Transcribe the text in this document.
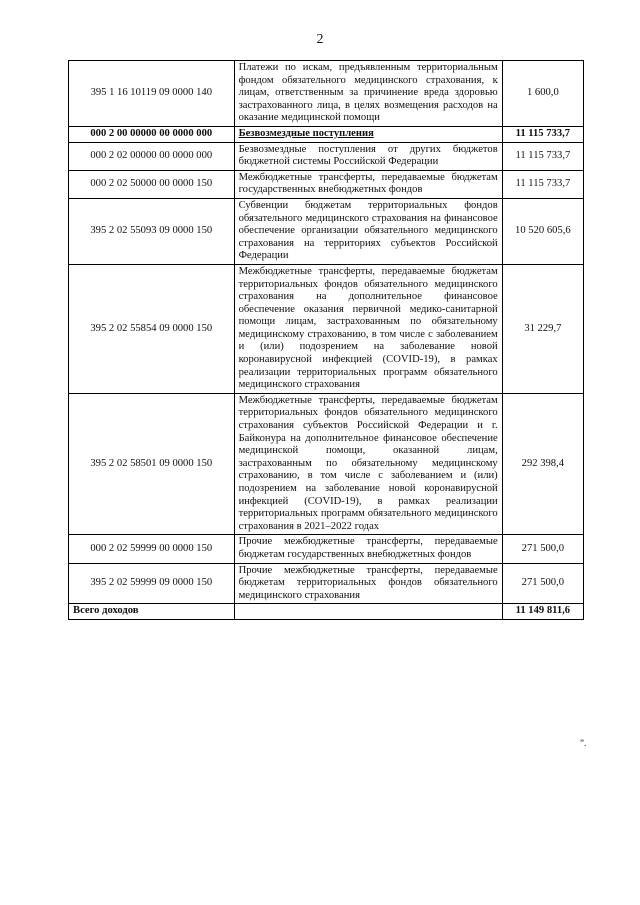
2
395 1 16 10119 09 0000 140	Платежи по искам, предъявленным территориальным фондом обязательного медицинского страхования, к лицам, ответственным за причинение вреда здоровью застрахованного лица, в целях возмещения расходов на оказание медицинской помощи	1 600,0
000 2 00 00000 00 0000 000	Безвозмездные поступления	11 115 733,7
000 2 02 00000 00 0000 000	Безвозмездные поступления от других бюджетов бюджетной системы Российской Федерации	11 115 733,7
000 2 02 50000 00 0000 150	Межбюджетные трансферты, передаваемые бюджетам государственных внебюджетных фондов	11 115 733,7
395 2 02 55093 09 0000 150	Субвенции бюджетам территориальных фондов обязательного медицинского страхования на финансовое обеспечение организации обязательного медицинского страхования на территориях субъектов Российской Федерации	10 520 605,6
395 2 02 55854 09 0000 150	Межбюджетные трансферты, передаваемые бюджетам территориальных фондов обязательного медицинского страхования на дополнительное финансовое обеспечение оказания первичной медико-санитарной помощи лицам, застрахованным по обязательному медицинскому страхованию, в том числе с заболеванием и (или) подозрением на заболевание новой коронавирусной инфекцией (COVID-19), в рамках реализации территориальных программ обязательного медицинского страхования	31 229,7
395 2 02 58501 09 0000 150	Межбюджетные трансферты, передаваемые бюджетам территориальных фондов обязательного медицинского страхования субъектов Российской Федерации и г. Байконура на дополнительное финансовое обеспечение медицинской помощи, оказанной лицам, застрахованным по обязательному медицинскому страхованию, в том числе с заболеванием и (или) подозрением на заболевание новой коронавирусной инфекцией (COVID-19), в рамках реализации территориальных программ обязательного медицинского страхования в 2021–2022 годах	292 398,4
000 2 02 59999 00 0000 150	Прочие межбюджетные трансферты, передаваемые бюджетам государственных внебюджетных фондов	271 500,0
395 2 02 59999 09 0000 150	Прочие межбюджетные трансферты, передаваемые бюджетам территориальных фондов обязательного медицинского страхования	271 500,0
Всего доходов		11 149 811,6
”.
